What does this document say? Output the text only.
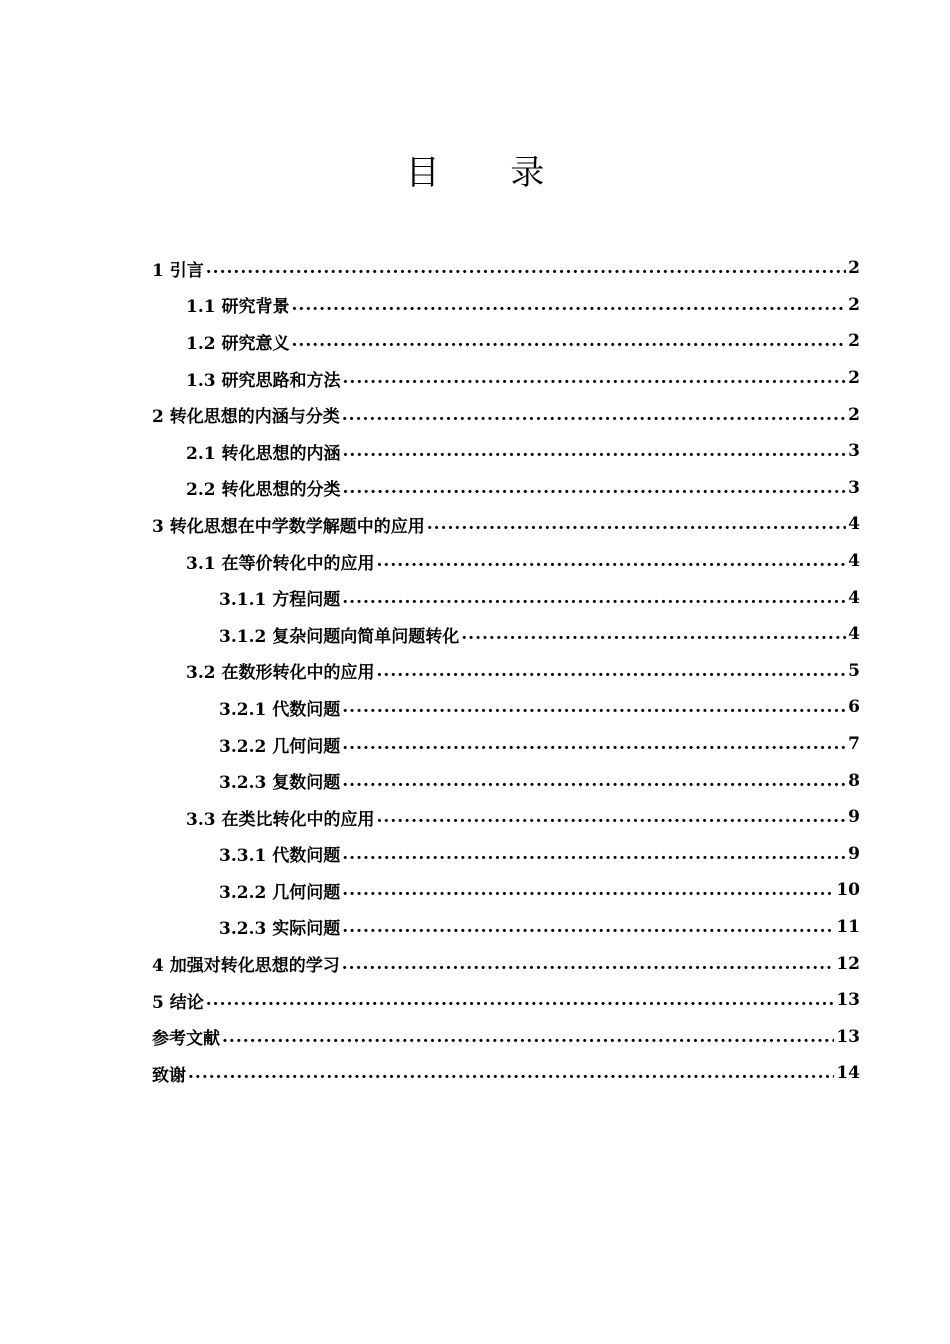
目 录
1 引言 .....	2
1.1 研究背景 .....	2
1.2 研究意义 .....	2
1.3 研究思路和方法 .....	2
2 转化思想的内涵与分类 .....	2
2.1 转化思想的内涵 .....	3
2.2 转化思想的分类 .....	3
3 转化思想在中学数学解题中的应用 .....	4
3.1 在等价转化中的应用 .....	4
3.1.1 方程问题 .....	4
3.1.2 复杂问题向简单问题转化 .....	4
3.2 在数形转化中的应用 .....	5
3.2.1 代数问题 .....	6
3.2.2 几何问题 .....	7
3.2.3 复数问题 .....	8
3.3 在类比转化中的应用 .....	9
3.3.1 代数问题 .....	9
3.2.2 几何问题 .....	10
3.2.3 实际问题 .....	11
4 加强对转化思想的学习 .....	12
5 结论 .....	13
参考文献 .....	13
致谢 .....	14
